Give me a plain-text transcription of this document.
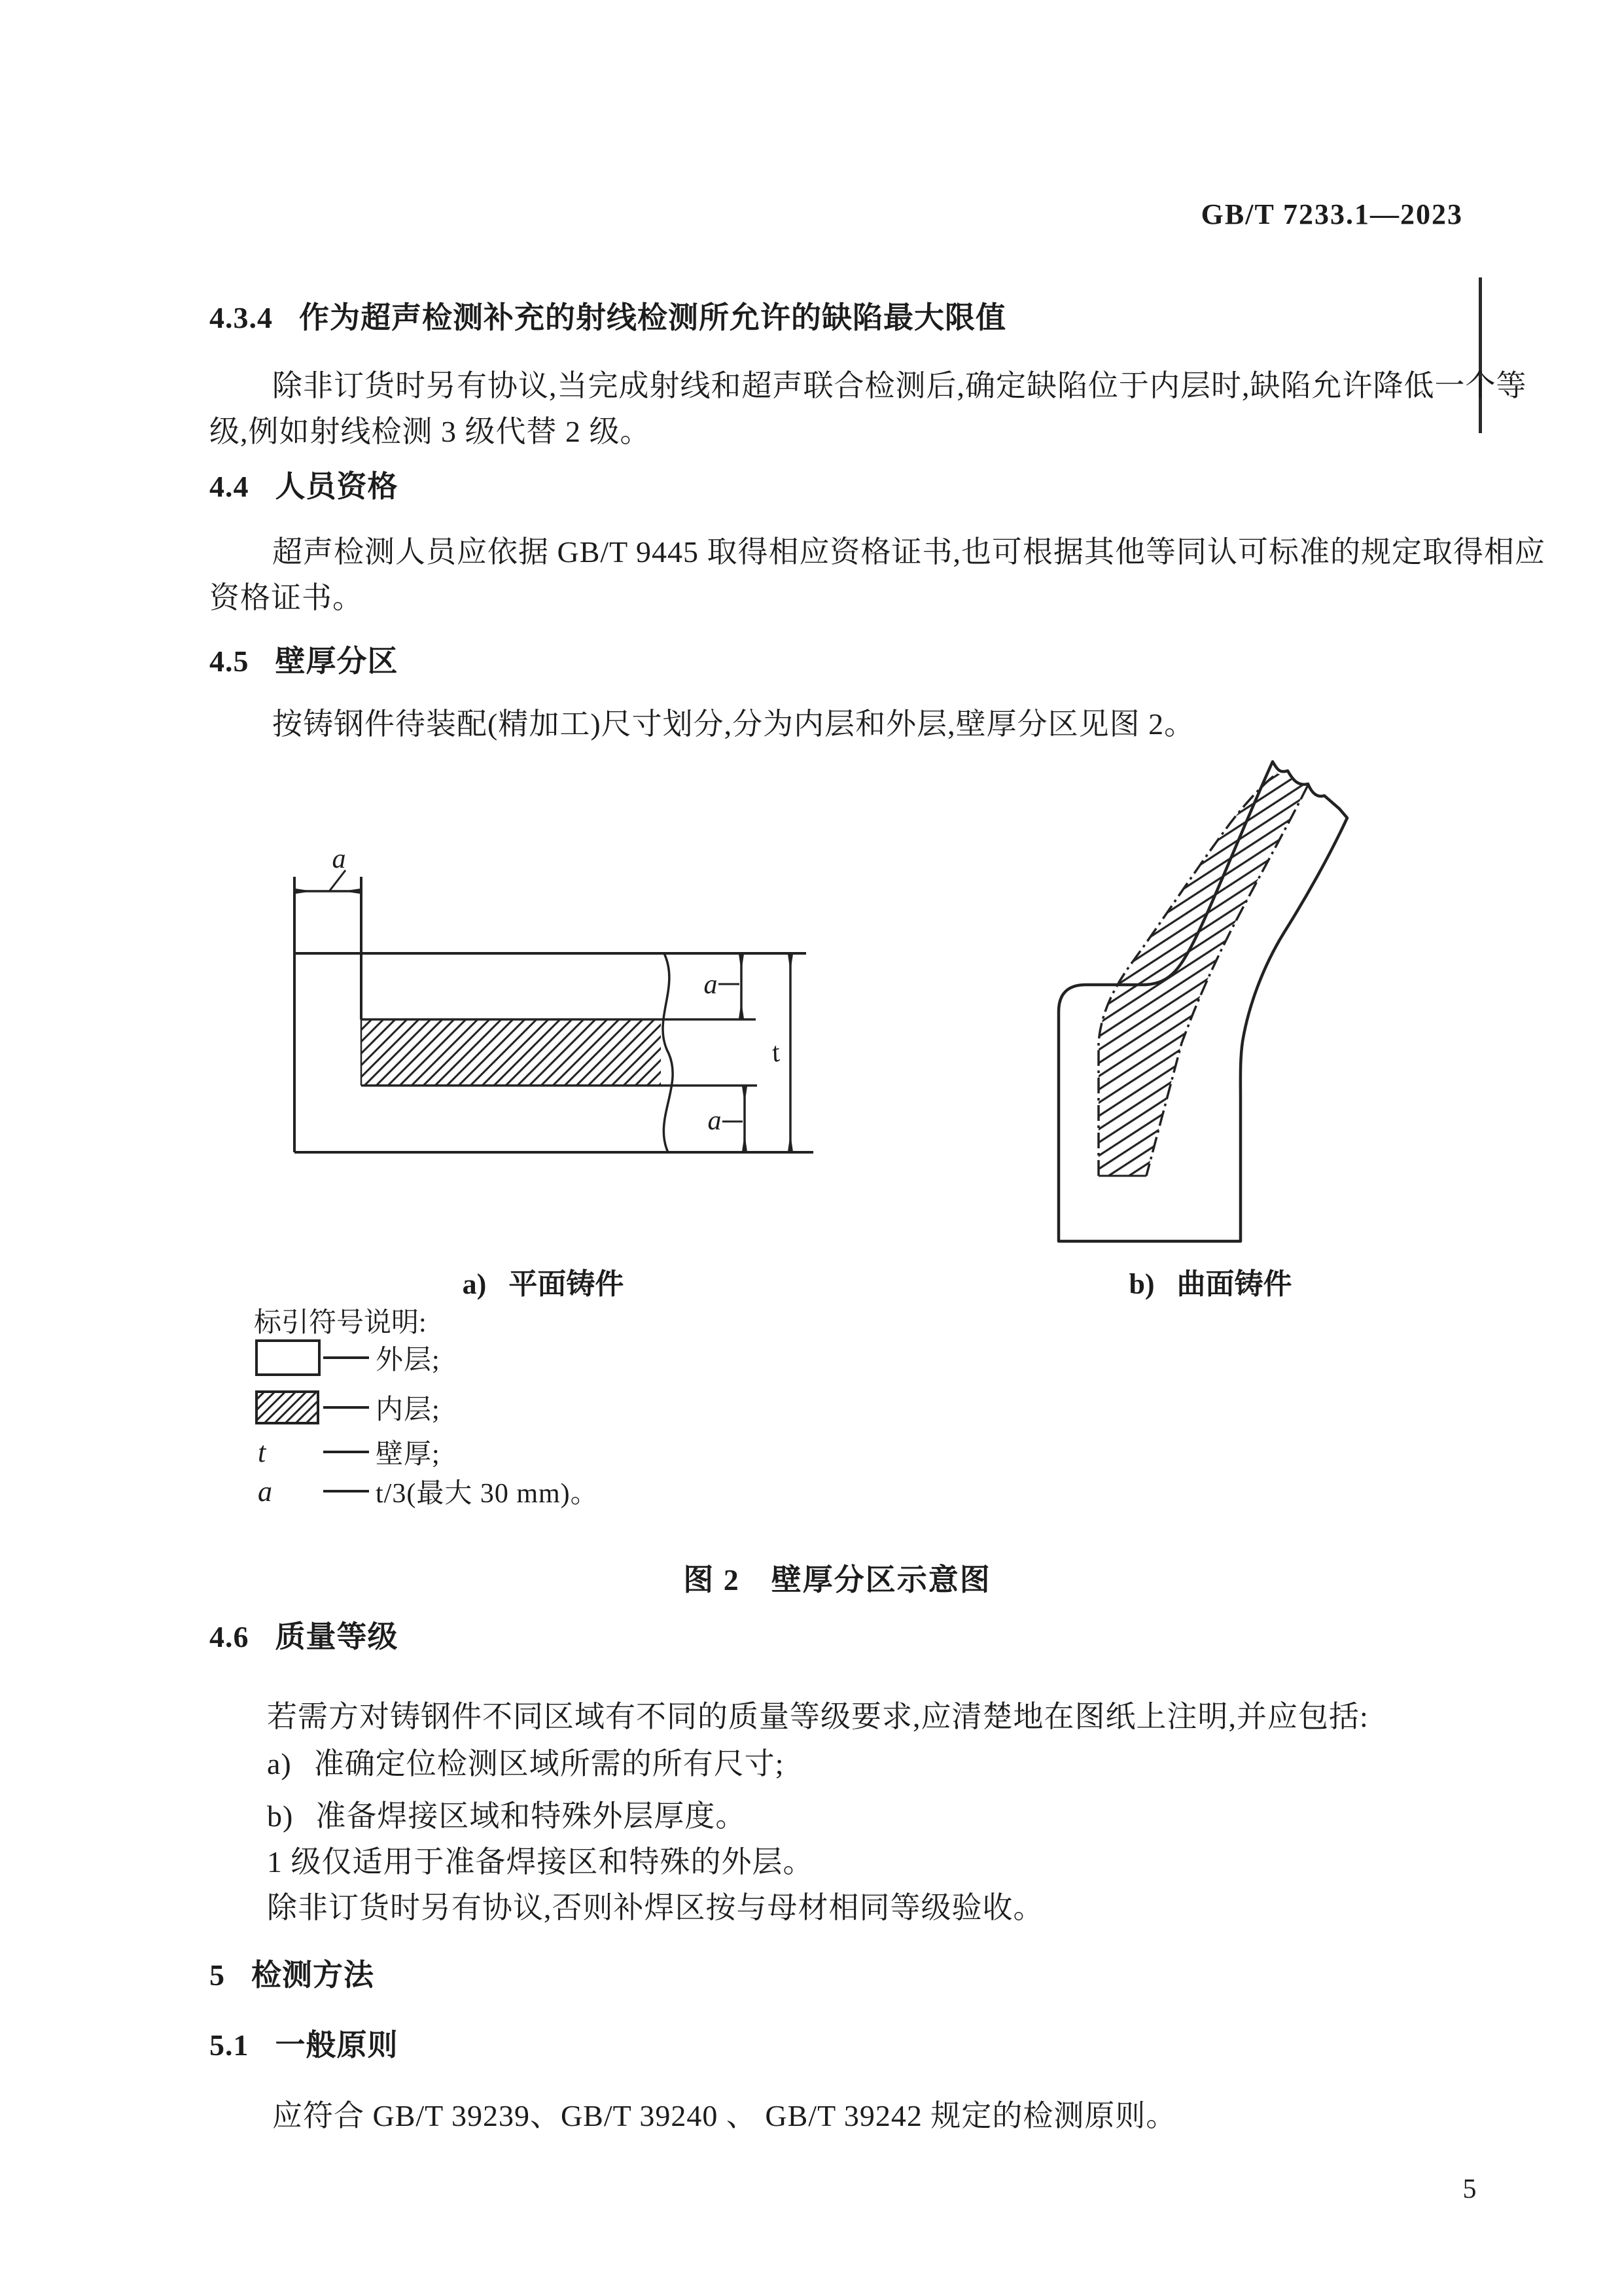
GB/T 7233.1—2023
4.3.4 作为超声检测补充的射线检测所允许的缺陷最大限值
除非订货时另有协议,当完成射线和超声联合检测后,确定缺陷位于内层时,缺陷允许降低一个等
级,例如射线检测 3 级代替 2 级。
4.4 人员资格
超声检测人员应依据 GB/T 9445 取得相应资格证书,也可根据其他等同认可标准的规定取得相应
资格证书。
4.5 壁厚分区
按铸钢件待装配(精加工)尺寸划分,分为内层和外层,壁厚分区见图 2。
a
a
a
t
a) 平面铸件	b) 曲面铸件
标引符号说明:
外层;
内层;
t	壁厚;
a	t/3(最大 30 mm)。
图 2　壁厚分区示意图
4.6 质量等级
若需方对铸钢件不同区域有不同的质量等级要求,应清楚地在图纸上注明,并应包括:
a) 准确定位检测区域所需的所有尺寸;
b) 准备焊接区域和特殊外层厚度。
1 级仅适用于准备焊接区和特殊的外层。
除非订货时另有协议,否则补焊区按与母材相同等级验收。
5 检测方法
5.1 一般原则
应符合 GB/T 39239、GB/T 39240 、 GB/T 39242 规定的检测原则。
5
